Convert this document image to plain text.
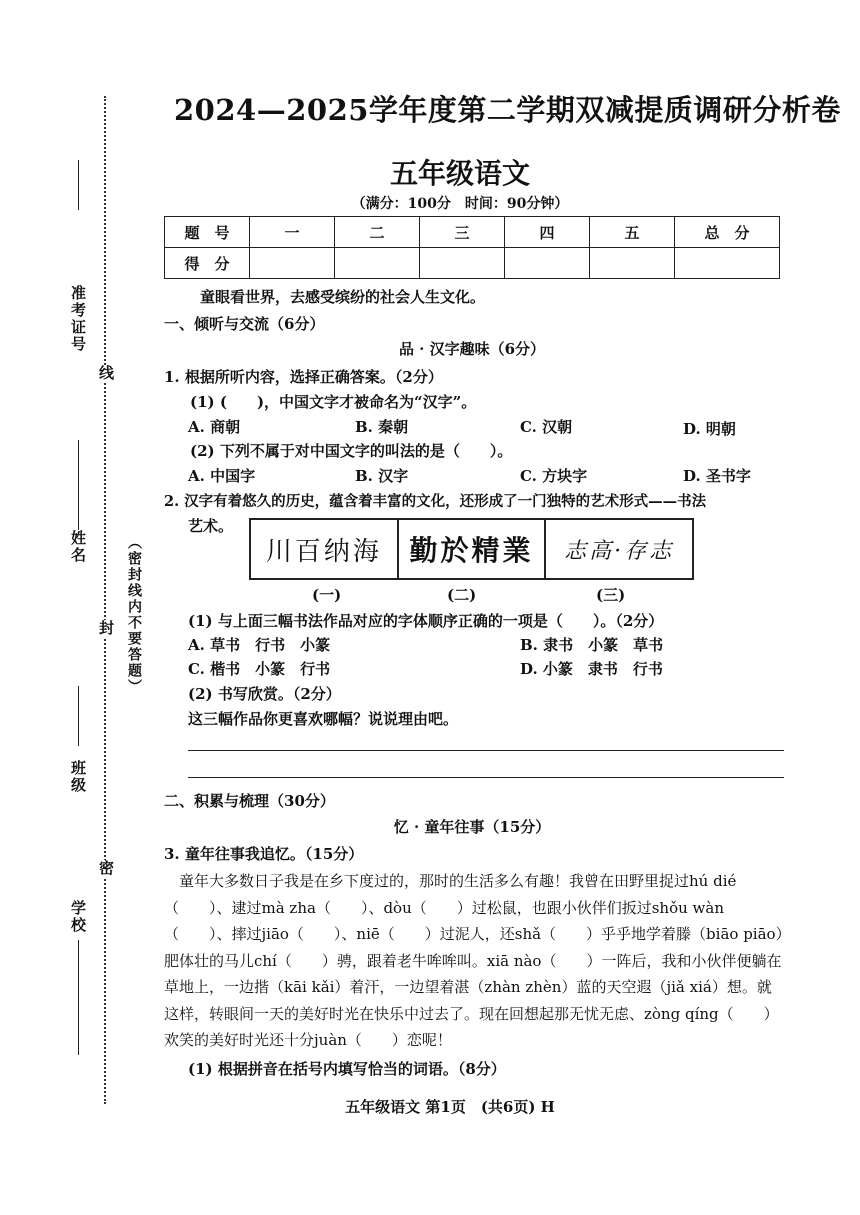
准考证号
姓名
班级
学校
线
封
密
（密封线内不要答题）
2024—2025学年度第二学期双减提质调研分析卷
五年级语文
（满分：100分　时间：90分钟）
题　号	一	二	三	四	五	总　分
得　分						
童眼看世界，去感受缤纷的社会人生文化。
一、倾听与交流（6分）
品 · 汉字趣味（6分）
1. 根据所听内容，选择正确答案。（2分）
(1) (　　)，中国文字才被命名为“汉字”。
A. 商朝	B. 秦朝	C. 汉朝	D. 明朝
(2) 下列不属于对中国文字的叫法的是（　　）。
A. 中国字	B. 汉字	C. 方块字	D. 圣书字
2. 汉字有着悠久的历史，蕴含着丰富的文化，还形成了一门独特的艺术形式——书法
艺术。
川百纳海 勤於精業	志高·存志
(一)	(二)	(三)
(1) 与上面三幅书法作品对应的字体顺序正确的一项是（　　）。（2分）
A. 草书　行书　小篆	B. 隶书　小篆　草书
C. 楷书　小篆　行书	D. 小篆　隶书　行书
(2) 书写欣赏。（2分）
这三幅作品你更喜欢哪幅？说说理由吧。
二、积累与梳理（30分）
忆 · 童年往事（15分）
3. 童年往事我追忆。（15分）
童年大多数日子我是在乡下度过的，那时的生活多么有趣！我曾在田野里捉过hú dié（　　）、逮过mà zha（　　）、dòu（　　）过松鼠，也跟小伙伴们扳过shǒu wàn（　　）、摔过jiāo（　　）、niē（　　）过泥人，还shǎ（　　）乎乎地学着滕（biāo piāo）肥体壮的马儿chí（　　）骋，跟着老牛哞哞叫。xiā nào（　　）一阵后，我和小伙伴便躺在草地上，一边揩（kāi kǎi）着汗，一边望着湛（zhàn zhèn）蓝的天空遐（jiǎ xiá）想。就这样，转眼间一天的美好时光在快乐中过去了。现在回想起那无忧无虑、zòng qíng（　　）欢笑的美好时光还十分juàn（　　）恋呢！
(1) 根据拼音在括号内填写恰当的词语。（8分）
五年级语文 第1页　(共6页) H
